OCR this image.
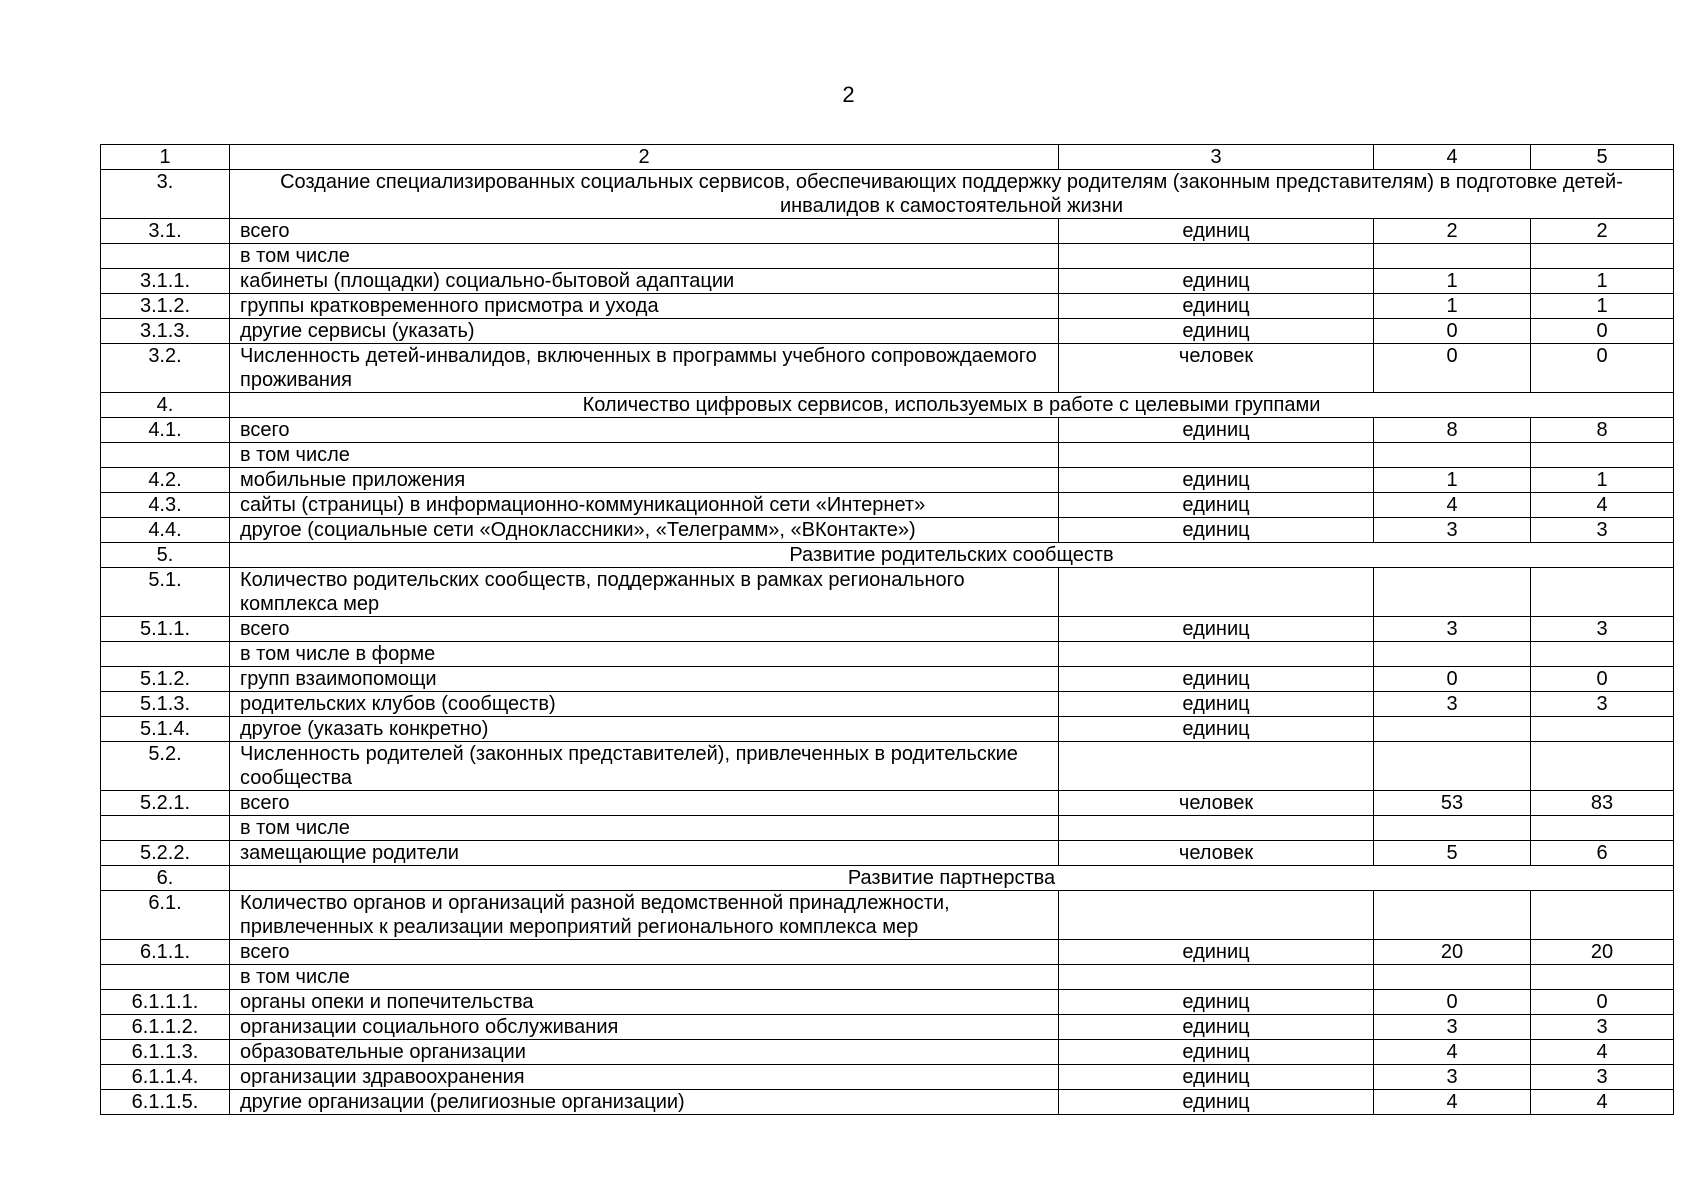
2
1	2	3	4	5
3.	Создание специализированных социальных сервисов, обеспечивающих поддержку родителям (законным представителям) в подготовке детей-инвалидов к самостоятельной жизни			
3.1.	всего	единиц	2	2
	в том числе			
3.1.1.	кабинеты (площадки) социально-бытовой адаптации	единиц	1	1
3.1.2.	группы кратковременного присмотра и ухода	единиц	1	1
3.1.3.	другие сервисы (указать)	единиц	0	0
3.2.	Численность детей-инвалидов, включенных в программы учебного сопровождаемого проживания	человек	0	0
4.	Количество цифровых сервисов, используемых в работе с целевыми группами			
4.1.	всего	единиц	8	8
	в том числе			
4.2.	мобильные приложения	единиц	1	1
4.3.	сайты (страницы) в информационно-коммуникационной сети «Интернет»	единиц	4	4
4.4.	другое (социальные сети «Одноклассники», «Телеграмм», «ВКонтакте»)	единиц	3	3
5.	Развитие родительских сообществ			
5.1.	Количество родительских сообществ, поддержанных в рамках регионального комплекса мер			
5.1.1.	всего	единиц	3	3
	в том числе в форме			
5.1.2.	групп взаимопомощи	единиц	0	0
5.1.3.	родительских клубов (сообществ)	единиц	3	3
5.1.4.	другое (указать конкретно)	единиц		
5.2.	Численность родителей (законных представителей), привлеченных в родительские сообщества			
5.2.1.	всего	человек	53	83
	в том числе			
5.2.2.	замещающие родители	человек	5	6
6.	Развитие партнерства			
6.1.	Количество органов и организаций разной ведомственной принадлежности, привлеченных к реализации мероприятий регионального комплекса мер			
6.1.1.	всего	единиц	20	20
	в том числе			
6.1.1.1.	органы опеки и попечительства	единиц	0	0
6.1.1.2.	организации социального обслуживания	единиц	3	3
6.1.1.3.	образовательные организации	единиц	4	4
6.1.1.4.	организации здравоохранения	единиц	3	3
6.1.1.5.	другие организации (религиозные организации)	единиц	4	4
